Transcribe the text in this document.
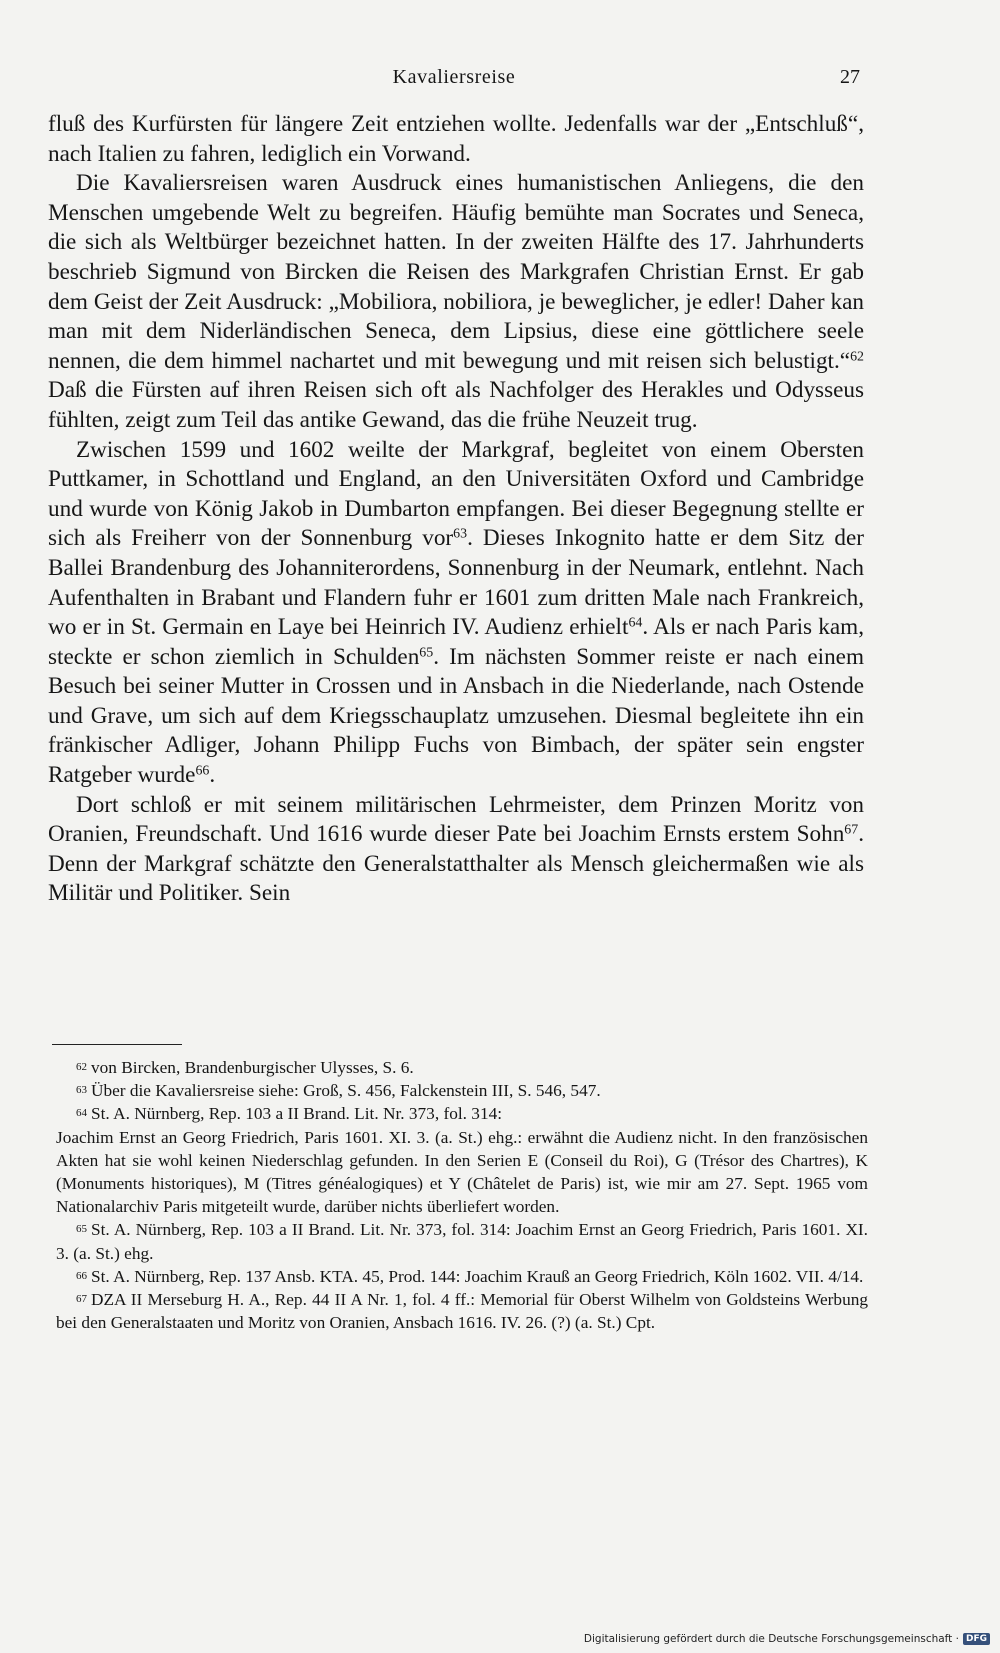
Kavaliersreise	27

fluß des Kurfürsten für längere Zeit entziehen wollte. Jedenfalls war der „Entschluß“, nach Italien zu fahren, lediglich ein Vorwand.

Die Kavaliersreisen waren Ausdruck eines humanistischen Anliegens, die den Menschen umgebende Welt zu begreifen. Häufig bemühte man Socrates und Seneca, die sich als Weltbürger bezeichnet hatten. In der zweiten Hälfte des 17. Jahrhunderts beschrieb Sigmund von Bircken die Reisen des Markgrafen Christian Ernst. Er gab dem Geist der Zeit Ausdruck: „Mobiliora, nobiliora, je beweglicher, je edler! Daher kan man mit dem Niderländischen Seneca, dem Lipsius, diese eine göttlichere seele nennen, die dem himmel nachartet und mit bewegung und mit reisen sich belustigt.“$^{62}$ Daß die Fürsten auf ihren Reisen sich oft als Nachfolger des Herakles und Odysseus fühlten, zeigt zum Teil das antike Gewand, das die frühe Neuzeit trug.

Zwischen 1599 und 1602 weilte der Markgraf, begleitet von einem Obersten Puttkamer, in Schottland und England, an den Universitäten Oxford und Cambridge und wurde von König Jakob in Dumbarton empfangen. Bei dieser Begegnung stellte er sich als Freiherr von der Sonnenburg vor$^{63}$. Dieses Inkognito hatte er dem Sitz der Ballei Brandenburg des Johanniterordens, Sonnenburg in der Neumark, entlehnt. Nach Aufenthalten in Brabant und Flandern fuhr er 1601 zum dritten Male nach Frankreich, wo er in St. Germain en Laye bei Heinrich IV. Audienz erhielt$^{64}$. Als er nach Paris kam, steckte er schon ziemlich in Schulden$^{65}$. Im nächsten Sommer reiste er nach einem Besuch bei seiner Mutter in Crossen und in Ansbach in die Niederlande, nach Ostende und Grave, um sich auf dem Kriegsschauplatz umzusehen. Diesmal begleitete ihn ein fränkischer Adliger, Johann Philipp Fuchs von Bimbach, der später sein engster Ratgeber wurde$^{66}$.

Dort schloß er mit seinem militärischen Lehrmeister, dem Prinzen Moritz von Oranien, Freundschaft. Und 1616 wurde dieser Pate bei Joachim Ernsts erstem Sohn$^{67}$. Denn der Markgraf schätzte den Generalstatthalter als Mensch gleichermaßen wie als Militär und Politiker. Sein

62 von Bircken, Brandenburgischer Ulysses, S. 6.

63 Über die Kavaliersreise siehe: Groß, S. 456, Falckenstein III, S. 546, 547.

64 St. A. Nürnberg, Rep. 103 a II Brand. Lit. Nr. 373, fol. 314:

Joachim Ernst an Georg Friedrich, Paris 1601. XI. 3. (a. St.) ehg.: erwähnt die Audienz nicht. In den französischen Akten hat sie wohl keinen Niederschlag gefunden. In den Serien E (Conseil du Roi), G (Trésor des Chartres), K (Monuments historiques), M (Titres généalogiques) et Y (Châtelet de Paris) ist, wie mir am 27. Sept. 1965 vom Nationalarchiv Paris mitgeteilt wurde, darüber nichts überliefert worden.

65 St. A. Nürnberg, Rep. 103 a II Brand. Lit. Nr. 373, fol. 314: Joachim Ernst an Georg Friedrich, Paris 1601. XI. 3. (a. St.) ehg.

66 St. A. Nürnberg, Rep. 137 Ansb. KTA. 45, Prod. 144: Joachim Krauß an Georg Friedrich, Köln 1602. VII. 4/14.

67 DZA II Merseburg H. A., Rep. 44 II A Nr. 1, fol. 4 ff.: Memorial für Oberst Wilhelm von Goldsteins Werbung bei den Generalstaaten und Moritz von Oranien, Ansbach 1616. IV. 26. (?) (a. St.) Cpt.

Digitalisierung gefördert durch die Deutsche Forschungsgemeinschaft · DFG
